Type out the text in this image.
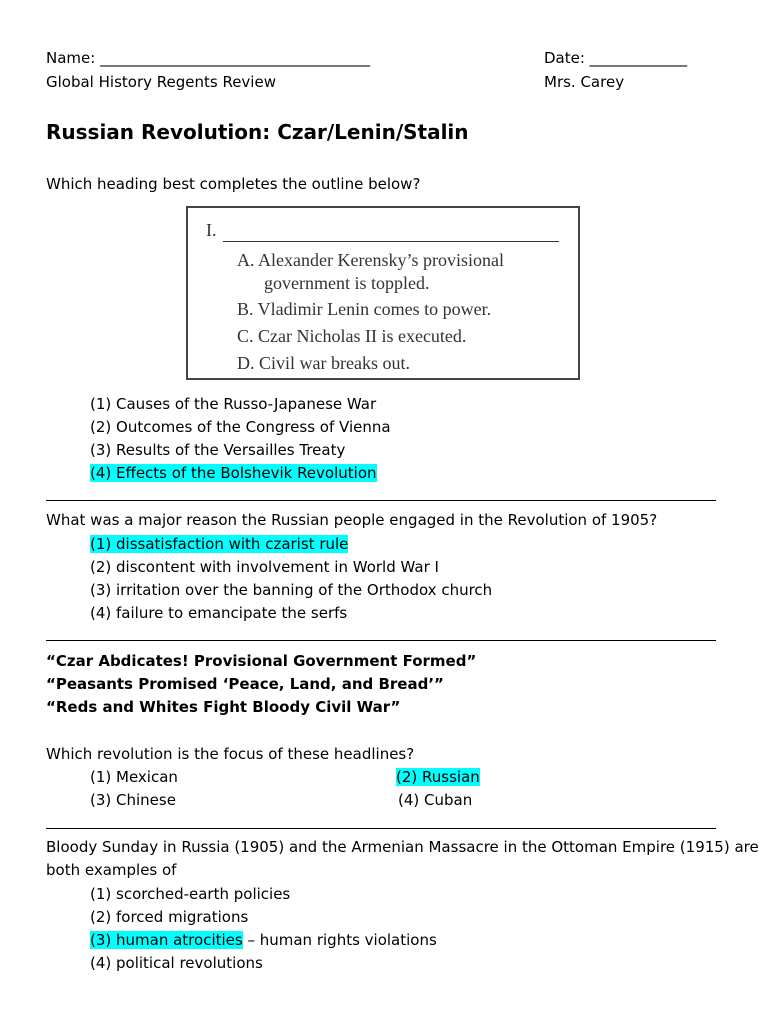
Name: ____________________________________	Date: _____________
Global History Regents Review	Mrs. Carey
Russian Revolution: Czar/Lenin/Stalin
Which heading best completes the outline below?
I.
A. Alexander Kerensky’s provisional
government is toppled.
B. Vladimir Lenin comes to power.
C. Czar Nicholas II is executed.
D. Civil war breaks out.
(1) Causes of the Russo-Japanese War
(2) Outcomes of the Congress of Vienna
(3) Results of the Versailles Treaty
(4) Effects of the Bolshevik Revolution
What was a major reason the Russian people engaged in the Revolution of 1905?
(1) dissatisfaction with czarist rule
(2) discontent with involvement in World War I
(3) irritation over the banning of the Orthodox church
(4) failure to emancipate the serfs
“Czar Abdicates! Provisional Government Formed”
“Peasants Promised ‘Peace, Land, and Bread’”
“Reds and Whites Fight Bloody Civil War”
Which revolution is the focus of these headlines?
(1) Mexican	(2) Russian
(3) Chinese	(4) Cuban
Bloody Sunday in Russia (1905) and the Armenian Massacre in the Ottoman Empire (1915) are
both examples of
(1) scorched-earth policies
(2) forced migrations
(3) human atrocities – human rights violations
(4) political revolutions
